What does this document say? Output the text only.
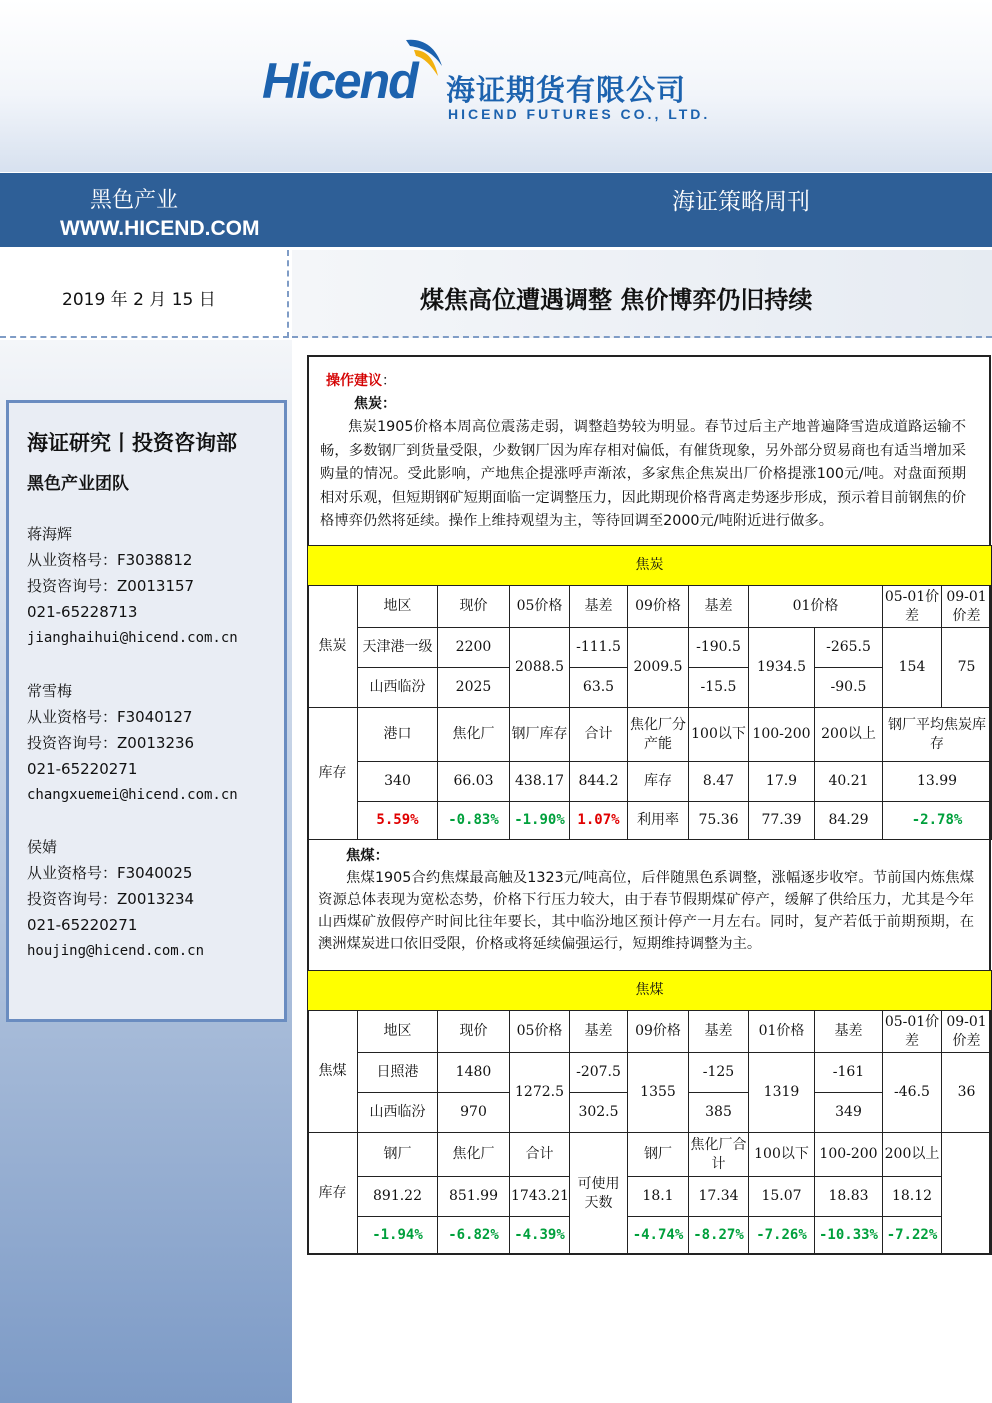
Hicend 海证期货有限公司
HICEND FUTURES CO., LTD.
黑色产业
WWW.HICEND.COM
海证策略周刊
2019 年 2 月 15 日	煤焦高位遭遇调整 焦价博弈仍旧持续
海证研究丨投资咨询部
黑色产业团队
蒋海辉
从业资格号：F3038812
投资咨询号：Z0013157
021-65228713
jianghaihui@hicend.com.cn
常雪梅
从业资格号：F3040127
投资咨询号：Z0013236
021-65220271
changxuemei@hicend.com.cn
侯婧
从业资格号：F3040025
投资咨询号：Z0013234
021-65220271
houjing@hicend.com.cn
操作建议：
焦炭：
焦炭1905价格本周高位震荡走弱，调整趋势较为明显。春节过后主产地普遍降雪造成道路运输不畅，多数钢厂到货量受限，少数钢厂因为库存相对偏低，有催货现象，另外部分贸易商也有适当增加采购量的情况。受此影响，产地焦企提涨呼声渐浓，多家焦企焦炭出厂价格提涨100元/吨。对盘面预期相对乐观，但短期钢矿短期面临一定调整压力，因此期现价格背离走势逐步形成，预示着目前钢焦的价格博弈仍然将延续。操作上维持观望为主，等待回调至2000元/吨附近进行做多。
焦炭										
焦炭	地区	现价	05价格	基差	09价格	基差	01价格		05-01价差	09-01价差
	天津港一级	2200	2088.5	-111.5	2009.5	-190.5	1934.5	-265.5	154	75
	山西临汾	2025		63.5		-15.5		-90.5		
库存	港口	焦化厂	钢厂库存	合计	焦化厂分产能	100以下	100-200	200以上	钢厂平均焦炭库存	
	340	66.03	438.17	844.2	库存	8.47	17.9	40.21	13.99	
	5.59%	-0.83%	-1.90%	1.07%	利用率	75.36	77.39	84.29	-2.78%	
焦煤：
焦煤1905合约焦煤最高触及1323元/吨高位，后伴随黑色系调整，涨幅逐步收窄。节前国内炼焦煤资源总体表现为宽松态势，价格下行压力较大，由于春节假期煤矿停产，缓解了供给压力，尤其是今年山西煤矿放假停产时间比往年要长，其中临汾地区预计停产一月左右。同时，复产若低于前期预期，在澳洲煤炭进口依旧受限，价格或将延续偏强运行，短期维持调整为主。
焦煤										
焦煤	地区	现价	05价格	基差	09价格	基差	01价格	基差	05-01价差	09-01价差
	日照港	1480	1272.5	-207.5	1355	-125	1319	-161	-46.5	36
	山西临汾	970		302.5		385		349		
库存	钢厂	焦化厂	合计	可使用天数	钢厂	焦化厂合计	100以下	100-200	200以上	
	891.22	851.99	1743.21		18.1	17.34	15.07	18.83	18.12	
	-1.94%	-6.82%	-4.39%		-4.74%	-8.27%	-7.26%	-10.33%	-7.22%	
